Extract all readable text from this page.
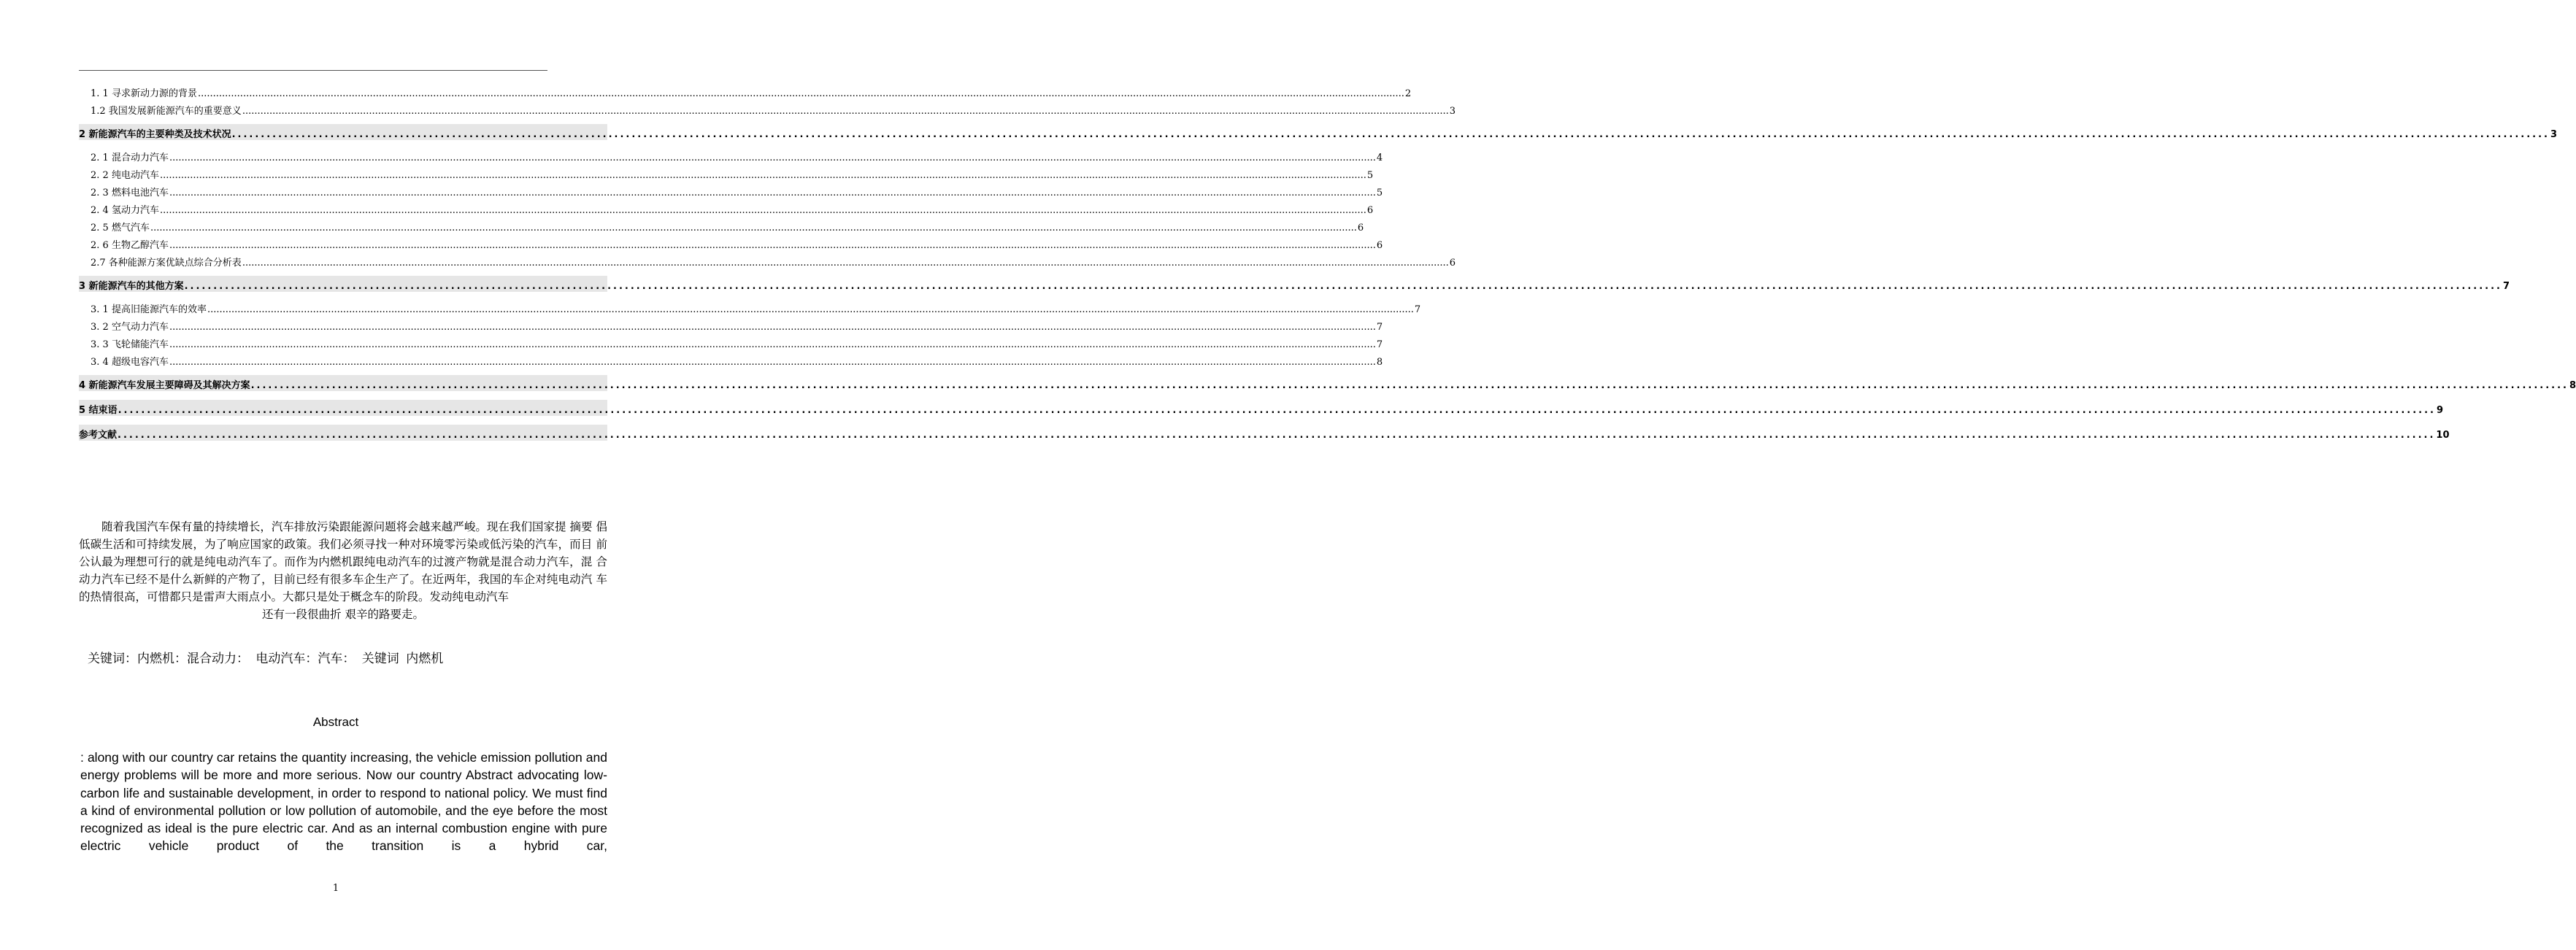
1. 1 寻求新动力源的背景 ................................................................................................................................................................................................................................................................................................................................................................................................................ 2
1.2 我国发展新能源汽车的重要意义 ................................................................................................................................................................................................................................................................................................................................................................................................................ 3
2 新能源汽车的主要种类及技术状况 ................................................................................................................................................................................................................................................................................................................................................................................................................ 3
2. 1 混合动力汽车 ................................................................................................................................................................................................................................................................................................................................................................................................................ 4
2. 2 纯电动汽车 ................................................................................................................................................................................................................................................................................................................................................................................................................ 5
2. 3 燃料电池汽车 ................................................................................................................................................................................................................................................................................................................................................................................................................ 5
2. 4 氢动力汽车 ................................................................................................................................................................................................................................................................................................................................................................................................................ 6
2. 5 燃气汽车 ................................................................................................................................................................................................................................................................................................................................................................................................................ 6
2. 6 生物乙醇汽车 ................................................................................................................................................................................................................................................................................................................................................................................................................ 6
2.7 各种能源方案优缺点综合分析表 ................................................................................................................................................................................................................................................................................................................................................................................................................ 6
3 新能源汽车的其他方案 ................................................................................................................................................................................................................................................................................................................................................................................................................ 7
3. 1 提高旧能源汽车的效率 ................................................................................................................................................................................................................................................................................................................................................................................................................ 7
3. 2 空气动力汽车 ................................................................................................................................................................................................................................................................................................................................................................................................................ 7
3. 3 飞轮储能汽车 ................................................................................................................................................................................................................................................................................................................................................................................................................ 7
3. 4 超级电容汽车 ................................................................................................................................................................................................................................................................................................................................................................................................................ 8
4 新能源汽车发展主要障碍及其解决方案 ................................................................................................................................................................................................................................................................................................................................................................................................................ 8
5 结束语 ................................................................................................................................................................................................................................................................................................................................................................................................................ 9
参考文献 ................................................................................................................................................................................................................................................................................................................................................................................................................ 10
随着我国汽车保有量的持续增长，汽车排放污染跟能源问题将会越来越严峻。现在我们国家提 摘要 倡低碳生活和可持续发展，为了响应国家的政策。我们必须寻找一种对环境零污染或低污染的汽车，而目 前公认最为理想可行的就是纯电动汽车了。而作为内燃机跟纯电动汽车的过渡产物就是混合动力汽车，混 合动力汽车已经不是什么新鲜的产物了，目前已经有很多车企生产了。在近两年，我国的车企对纯电动汽 车的热情很高，可惜都只是雷声大雨点小。大都只是处于概念车的阶段。发动纯电动汽车
还有一段很曲折 艰辛的路要走。
关键词：内燃机：混合动力： 电动汽车：汽车： 关键词 内燃机
Abstract
: along with our country car retains the quantity increasing, the vehicle emission pollution and energy problems will be more and more serious. Now our country Abstract advocating low-carbon life and sustainable development, in order to respond to national policy. We must find a kind of environmental pollution or low pollution of automobile, and the eye before the most recognized as ideal is the pure electric car. And as an internal combustion engine with pure electric vehicle product of the transition is a hybrid car,
1
